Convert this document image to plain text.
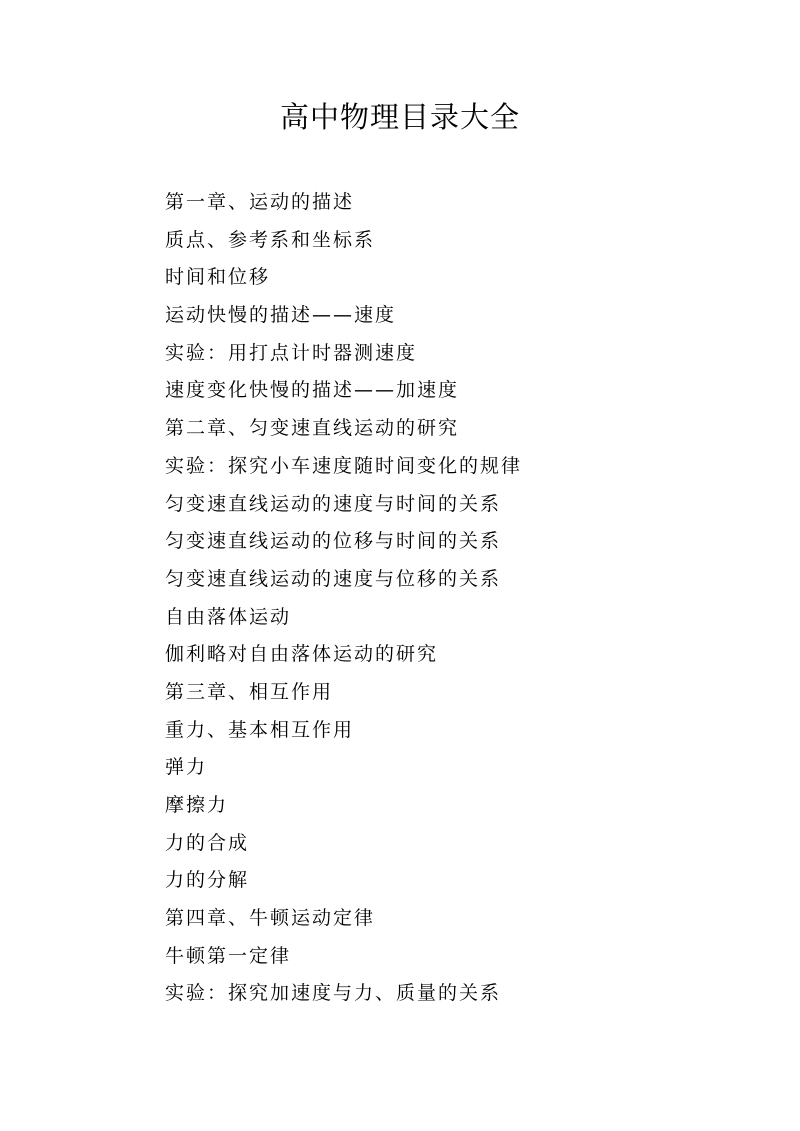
高中物理目录大全
第一章、运动的描述
质点、参考系和坐标系
时间和位移
运动快慢的描述——速度
实验：用打点计时器测速度
速度变化快慢的描述——加速度
第二章、匀变速直线运动的研究
实验：探究小车速度随时间变化的规律
匀变速直线运动的速度与时间的关系
匀变速直线运动的位移与时间的关系
匀变速直线运动的速度与位移的关系
自由落体运动
伽利略对自由落体运动的研究
第三章、相互作用
重力、基本相互作用
弹力
摩擦力
力的合成
力的分解
第四章、牛顿运动定律
牛顿第一定律
实验：探究加速度与力、质量的关系
